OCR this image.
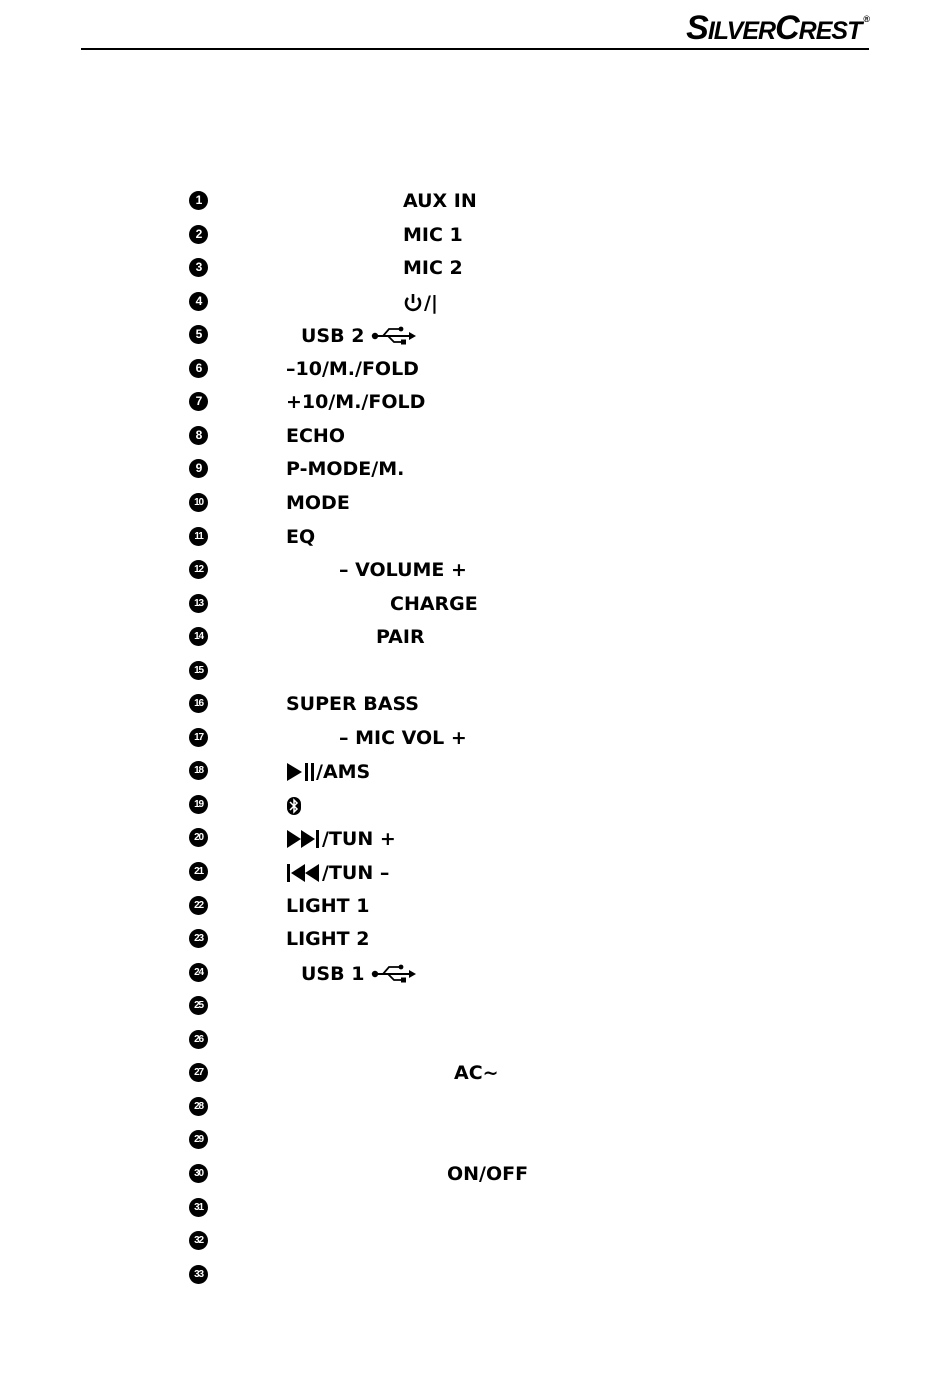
SILVERCREST ®
1	AUX IN
2	MIC 1
3	MIC 2
4	/|
5	USB 2
6	–10/M./FOLD
7	+10/M./FOLD
8	ECHO
9	P-MODE/M.
10	MODE
11	EQ
12	– VOLUME +
13	CHARGE
14	PAIR
15
16	SUPER BASS
17	– MIC VOL +
18	/AMS
19
20	/TUN +
21	/TUN –
22	LIGHT 1
23	LIGHT 2
24	USB 1
25
26
27	AC~
28
29
30	ON/OFF
31
32
33
